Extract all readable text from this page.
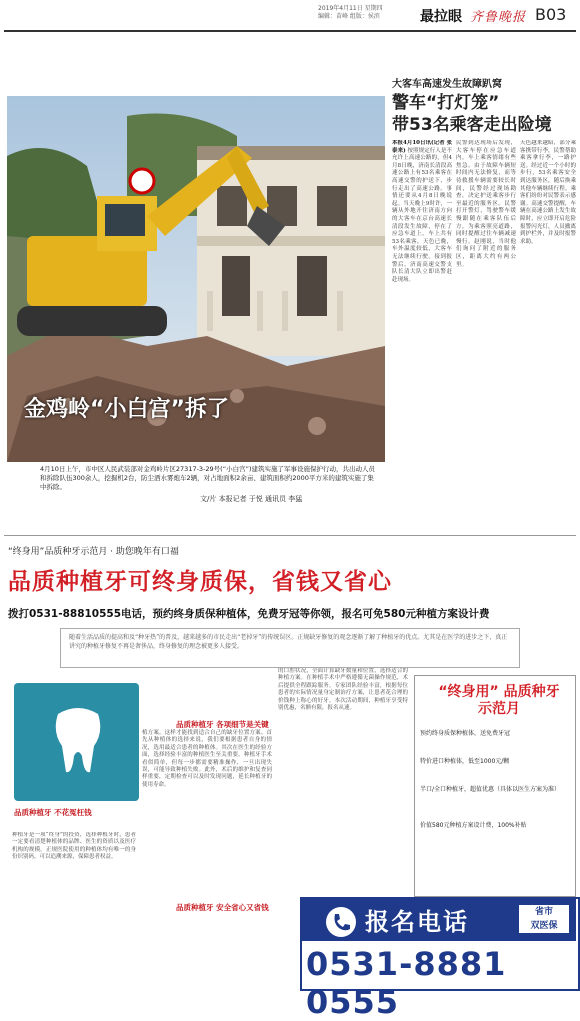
2019年4月11日 星期四
编辑：苗峰 组版：侯滨	最拉眼 齐鲁晚报 B03
大客车高速发生故障趴窝
警车“打灯笼”
带53名乘客走出险境
金鸡岭“小白宫”拆了
4月10日上午，市中区人民武装部对金鸡岭片区27317-3-29号(“小白宫”)建筑实施了军事设施保护行动，共出动人员和拆除队伍300余人，挖掘机2台，防尘洒水雾炮车2辆，对占地面积2余亩、建筑面积约2000平方米的建筑实施了集中拆除。
文/片 本报记者 于悦 通讯员 李猛
本报4月10日讯(记者 张泰来) 按照规定行人是不允许上高速公路的，但4月8日晚，济南长清段高速公路上有53名乘客在高速交警的护送下，步行走出了高速公路。事情还要从4月8日晚说起。当天晚上9时许，一辆从外地开往济南方向的大客车在京台高速长清段发生故障，停在了应急车道上。车上共有53名乘客，天色已晚，车外温度较低，大客车无法继续行驶。接到报警后，济南高速交警支队长清大队立即出警赶赴现场。
民警到达现场后发现，大客车停在应急车道内，车上乘客情绪有些焦急。由于故障车辆短时间内无法修复，而等待救援车辆需要较长时间，民警经过现场勘查，决定护送乘客步行至最近的服务区。民警打开警灯，驾驶警车缓慢跟随在乘客队伍后方，为乘客照亮道路，同时提醒过往车辆减速慢行。赵刚说，当时他们询问了附近的服务区，距离大约有两公里。
天色越来越暗，部分乘客携带行李，民警帮助乘客拿行李，一路护送。经过近一个小时的步行，53名乘客安全到达服务区，随后换乘其他车辆继续行程。乘客们纷纷对民警表示感谢。高速交警提醒，车辆在高速公路上发生故障时，应立即开启危险报警闪光灯，人员撤离到护栏外，并及时报警求助。
“终身用”品质种牙示范月 · 助您晚年有口福
品质种植牙可终身质保，省钱又省心
拨打0531-88810555电话，预约终身质保种植体，免费牙冠等你领，报名可免580元种植方案设计费
随着生活品质的提高和及“种牙热”的普及，越来越多的市民走出“老掉牙”的传统误区。正规缺牙修复的观念逐渐了解了种植牙的优点。尤其是在医学的进步之下，真正讲究的种植牙修复不再是奢侈品，终身修复的理念被更多人接受。
品质种植牙 不花冤枉钱
品质种植牙 各项细节是关键
品质种植牙 安全省心又省钱
种植牙是一项“终身”的投资，选择种植牙时，患者一定要看清楚种植体的品牌、医生的资质以及医疗机构的规模。正规医院使用的种植体均有唯一的身份识别码，可以追溯来源，保障患者权益。
植方案。这样才能找到适合自己的缺牙位置方案。首先从种植体的选择来说，我们要根据患者自身的情况，选用最适合患者的种植体。其次在医生的经验方面，选择经验丰富的种植医生至关重要。种植牙手术看似简单，但每一步都需要精准操作，一旦出现失误，可能导致种植失败。此外，术后的维护和复查同样重要，定期检查可以及时发现问题，延长种植牙的使用寿命。
的口腔状况，全面计算缺牙数量和位置，选择适合的种植方案。在种植手术中严格遵循无菌操作规范，术后提供全程跟踪服务。专家团队经验丰富，根据每位患者的实际情况量身定制治疗方案，让患者花合理的价钱种上称心的好牙。本次活动期间，种植牙享受特别优惠，名额有限，报名从速。
“终身用” 品质种牙示范月
预约终身质保种植体，送免费牙冠
特价进口种植体，低至1000元/颗
半口/全口种植牙，超值优惠（具体以医生方案为准）
价值580元种植方案设计费，100%补贴
报名电话	省市
双医保
0531-8881 0555
